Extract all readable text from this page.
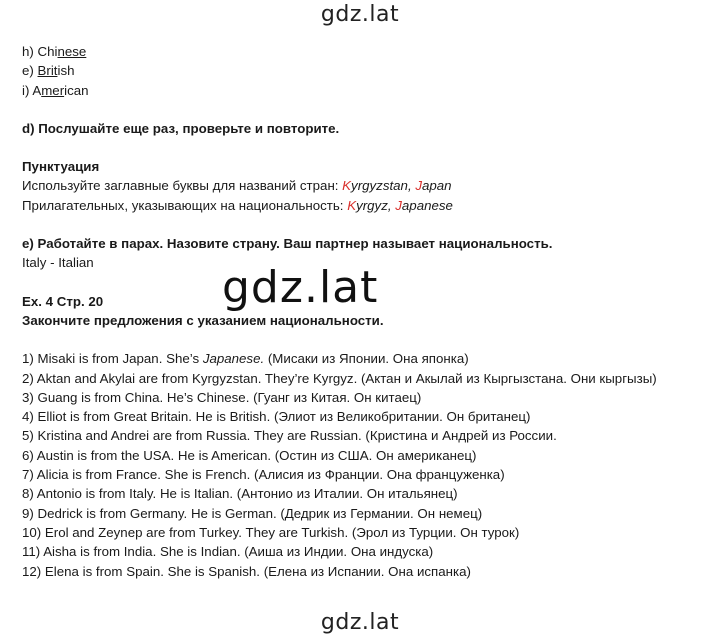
gdz.lat
gdz.lat
h) Chinese
e) British
i) American
d) Послушайте еще раз, проверьте и повторите.
Пунктуация
Используйте заглавные буквы для названий стран: Kyrgyzstan, Japan
Прилагательных, указывающих на национальность: Kyrgyz, Japanese
e) Работайте в парах. Назовите страну. Ваш партнер называет национальность.
Italy - Italian
Ex. 4 Стр. 20
Закончите предложения с указанием национальности.
1) Misaki is from Japan. She’s Japanese. (Мисаки из Японии. Она японка)
2) Aktan and Akylai are from Kyrgyzstan. They’re Kyrgyz. (Актан и Акылай из Кыргызстана. Они кыргызы)
3) Guang is from China. He’s Chinese. (Гуанг из Китая. Он китаец)
4) Elliot is from Great Britain. He is British. (Элиот из Великобритании. Он британец)
5) Kristina and Andrei are from Russia. They are Russian. (Кристина и Андрей из России.
6) Austin is from the USA. He is American. (Остин из США. Он американец)
7) Alicia is from France. She is French. (Алисия из Франции. Она француженка)
8) Antonio is from Italy. He is Italian. (Антонио из Италии. Он итальянец)
9) Dedrick is from Germany. He is German. (Дедрик из Германии. Он немец)
10) Erol and Zeynep are from Turkey. They are Turkish. (Эрол из Турции. Он турок)
11) Aisha is from India. She is Indian. (Аиша из Индии. Она индуска)
12) Elena is from Spain. She is Spanish. (Елена из Испании. Она испанка)
gdz.lat
